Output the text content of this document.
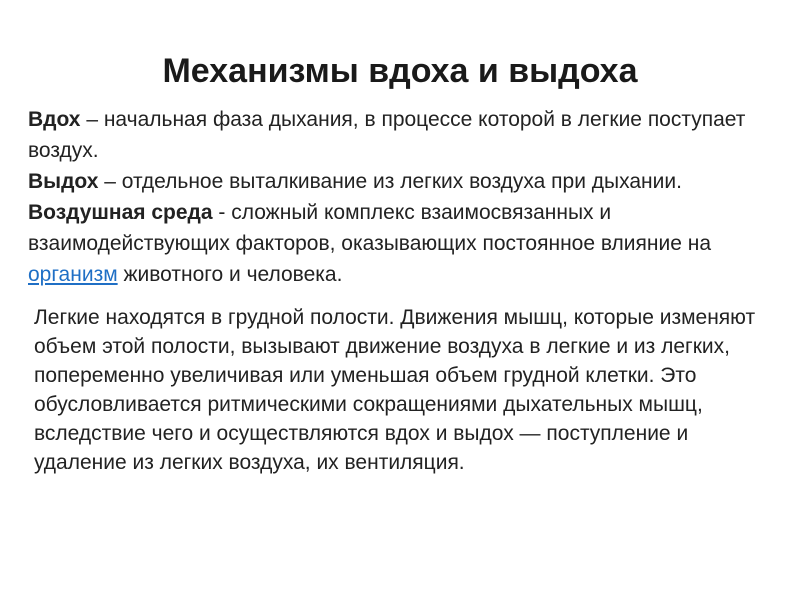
Механизмы вдоха и выдоха

Вдох – начальная фаза дыхания, в процессе которой в легкие поступает воздух.

Выдох – отдельное выталкивание из легких воздуха при дыхании.

Воздушная среда - сложный комплекс взаимосвязанных и взаимодействующих факторов, оказывающих постоянное влияние на организм животного и человека.

Легкие находятся в грудной полости. Движения мышц, которые изменяют объем этой полости, вызывают движение воздуха в легкие и из легких, попеременно увеличивая или уменьшая объем грудной клетки. Это обусловливается ритмическими сокращениями дыхательных мышц, вследствие чего и осуществляются вдох и выдох — поступление и удаление из легких воздуха, их вентиляция.
